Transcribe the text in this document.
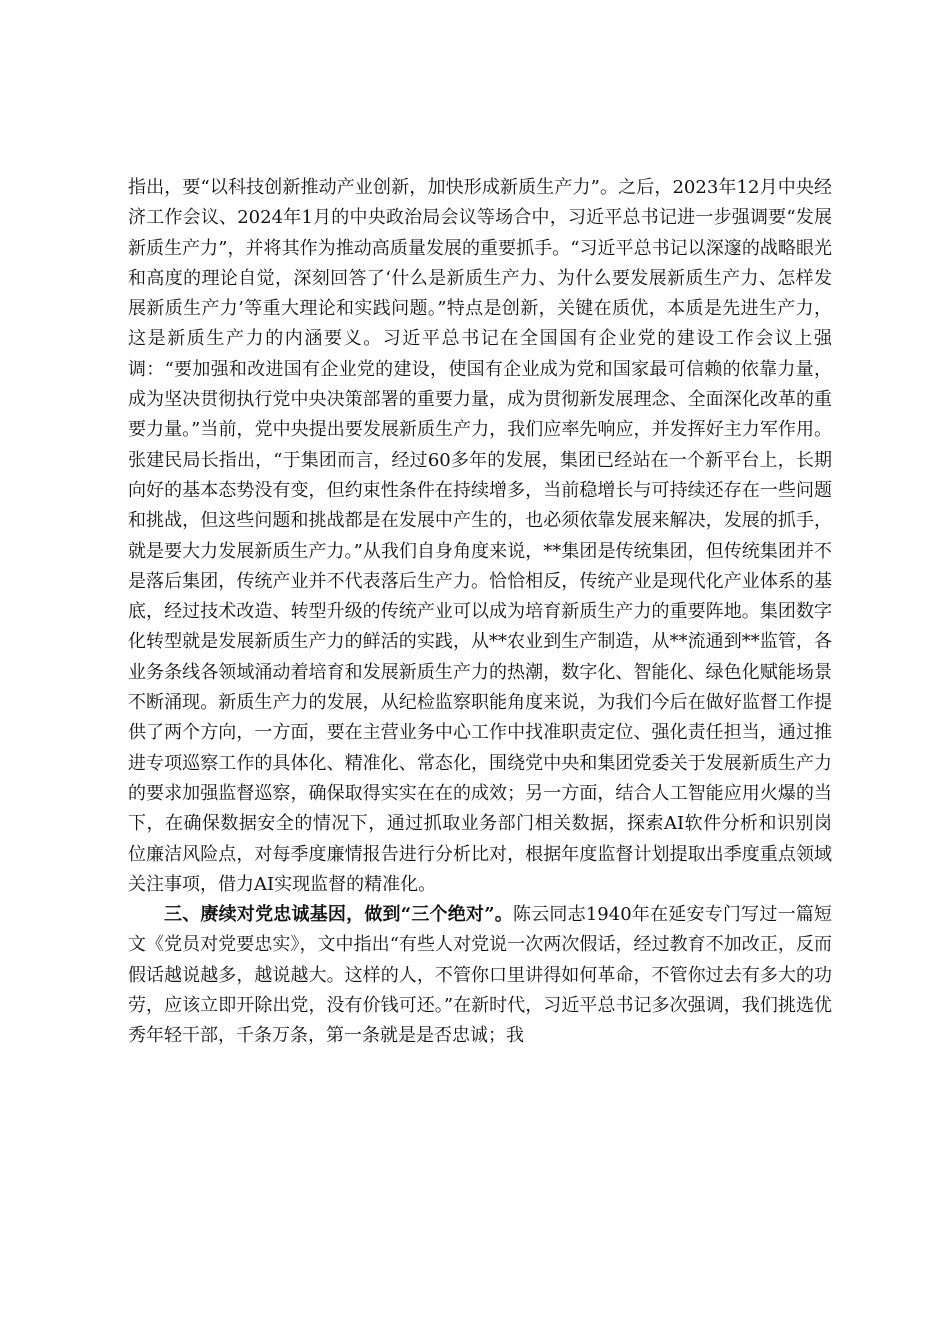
指出，要“以科技创新推动产业创新，加快形成新质生产力”。之后，2023年12月中央经济工作会议、2024年1月的中央政治局会议等场合中，习近平总书记进一步强调要“发展新质生产力”，并将其作为推动高质量发展的重要抓手。“习近平总书记以深邃的战略眼光和高度的理论自觉，深刻回答了‘什么是新质生产力、为什么要发展新质生产力、怎样发展新质生产力’等重大理论和实践问题。”特点是创新，关键在质优，本质是先进生产力，这是新质生产力的内涵要义。习近平总书记在全国国有企业党的建设工作会议上强调：“要加强和改进国有企业党的建设，使国有企业成为党和国家最可信赖的依靠力量，成为坚决贯彻执行党中央决策部署的重要力量，成为贯彻新发展理念、全面深化改革的重要力量。”当前，党中央提出要发展新质生产力，我们应率先响应，并发挥好主力军作用。张建民局长指出，“于集团而言，经过60多年的发展，集团已经站在一个新平台上，长期向好的基本态势没有变，但约束性条件在持续增多，当前稳增长与可持续还存在一些问题和挑战，但这些问题和挑战都是在发展中产生的，也必须依靠发展来解决，发展的抓手，就是要大力发展新质生产力。”从我们自身角度来说，**集团是传统集团，但传统集团并不是落后集团，传统产业并不代表落后生产力。恰恰相反，传统产业是现代化产业体系的基底，经过技术改造、转型升级的传统产业可以成为培育新质生产力的重要阵地。集团数字化转型就是发展新质生产力的鲜活的实践，从**农业到生产制造，从**流通到**监管，各业务条线各领域涌动着培育和发展新质生产力的热潮，数字化、智能化、绿色化赋能场景不断涌现。新质生产力的发展，从纪检监察职能角度来说，为我们今后在做好监督工作提供了两个方向，一方面，要在主营业务中心工作中找准职责定位、强化责任担当，通过推进专项巡察工作的具体化、精准化、常态化，围绕党中央和集团党委关于发展新质生产力的要求加强监督巡察，确保取得实实在在的成效；另一方面，结合人工智能应用火爆的当下，在确保数据安全的情况下，通过抓取业务部门相关数据，探索AI软件分析和识别岗位廉洁风险点，对每季度廉情报告进行分析比对，根据年度监督计划提取出季度重点领域关注事项，借力AI实现监督的精准化。

三、赓续对党忠诚基因，做到“三个绝对”。陈云同志1940年在延安专门写过一篇短文《党员对党要忠实》，文中指出“有些人对党说一次两次假话，经过教育不加改正，反而假话越说越多，越说越大。这样的人，不管你口里讲得如何革命，不管你过去有多大的功劳，应该立即开除出党，没有价钱可还。”在新时代，习近平总书记多次强调，我们挑选优秀年轻干部，千条万条，第一条就是是否忠诚；我
